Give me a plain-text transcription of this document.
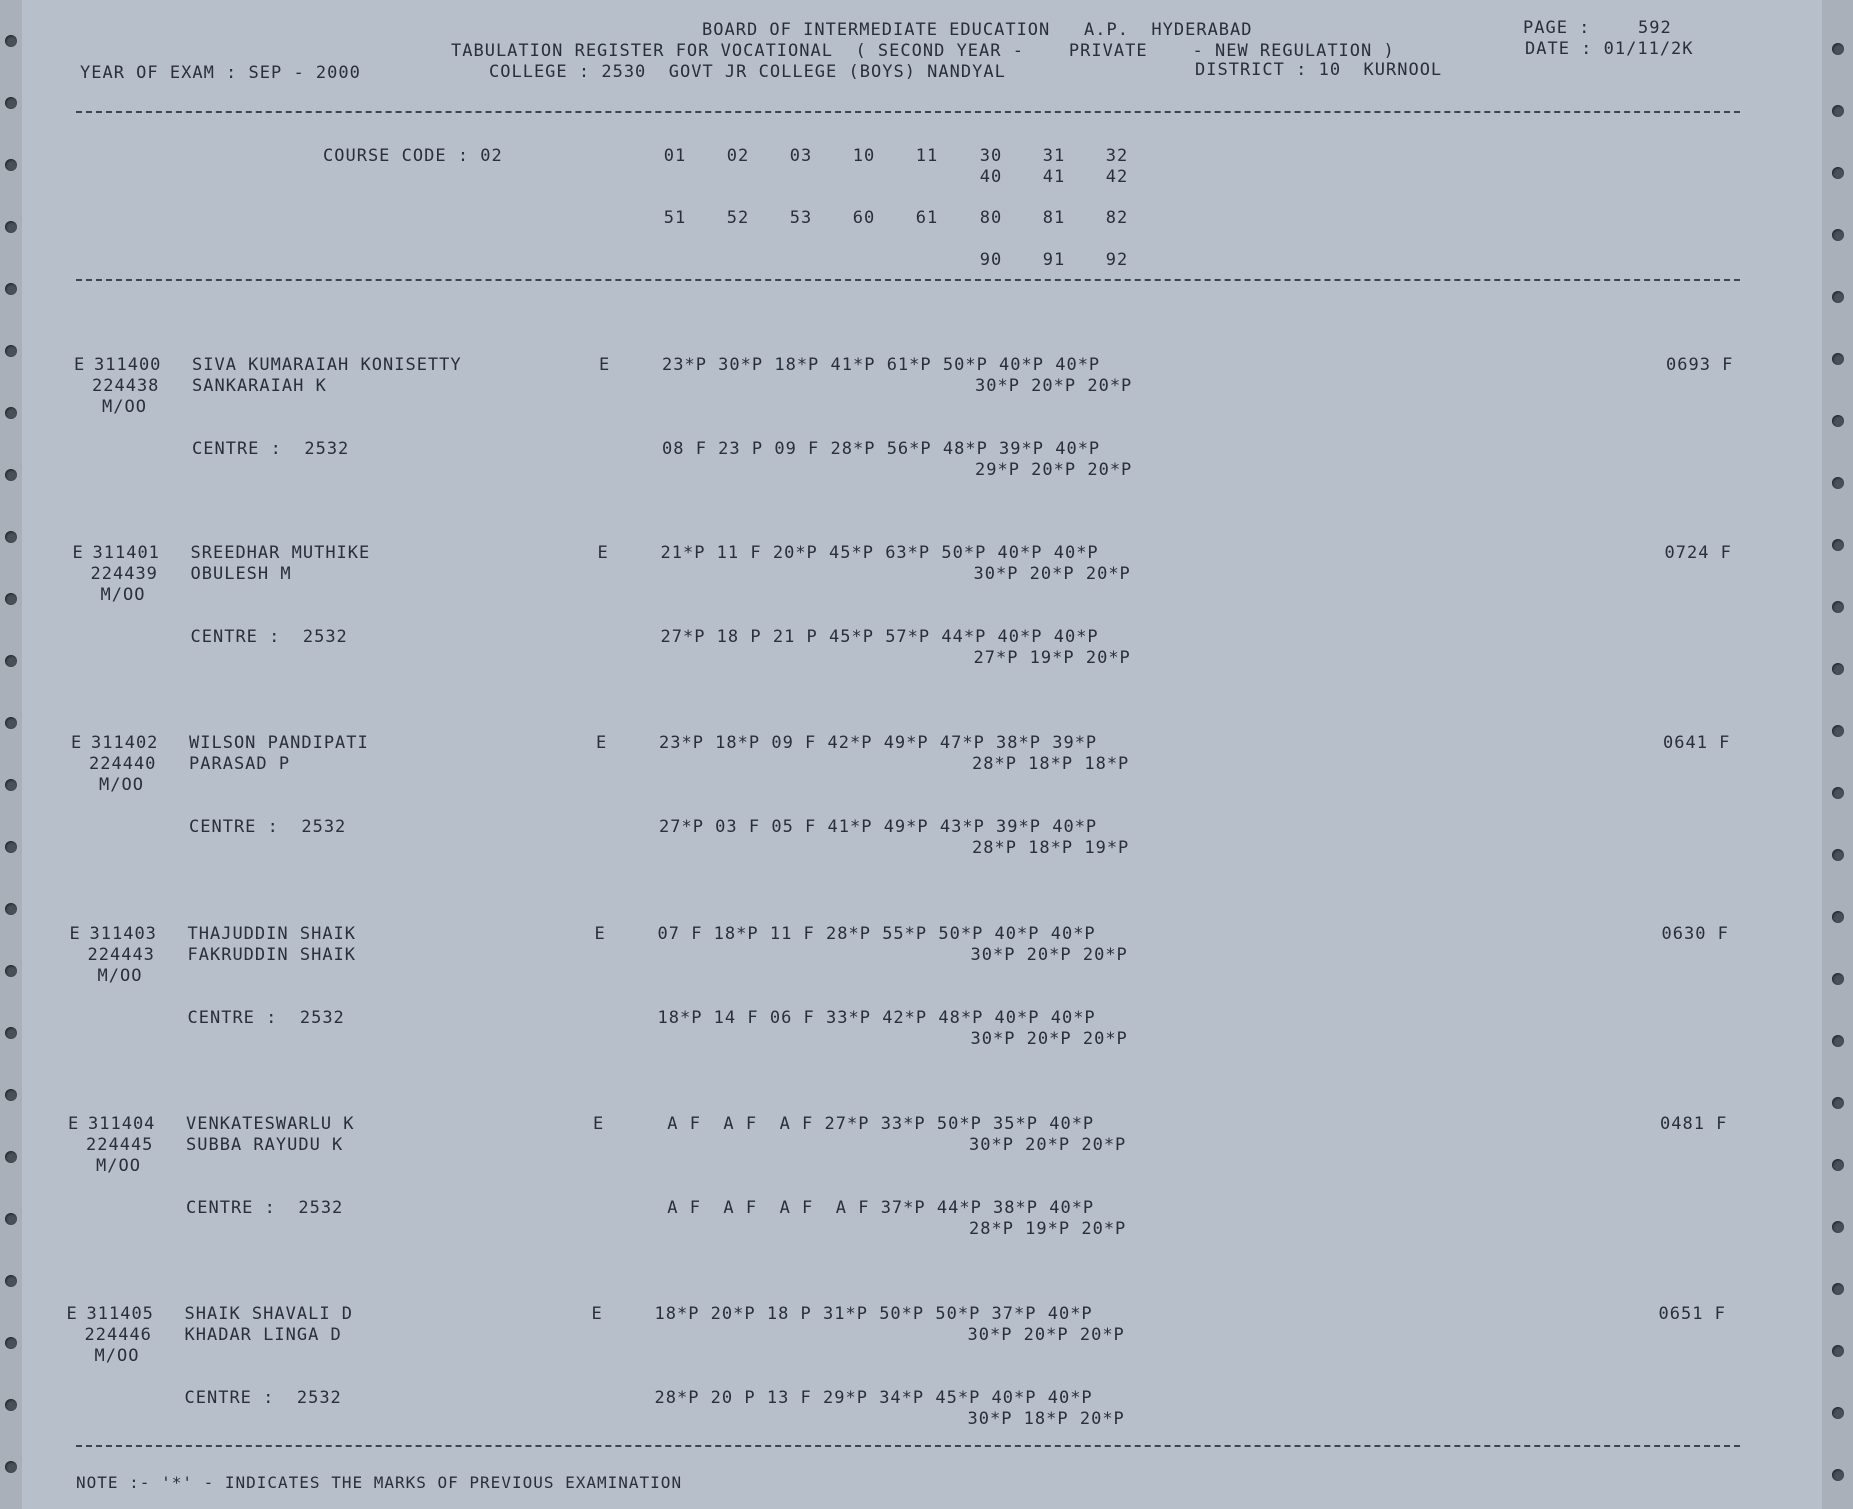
BOARD OF INTERMEDIATE EDUCATION   A.P.  HYDERABAD	PAGE :	592
TABULATION REGISTER FOR VOCATIONAL  ( SECOND YEAR -    PRIVATE    - NEW REGULATION )	DATE : 01/11/2K
YEAR OF EXAM : SEP - 2000	COLLEGE : 2530  GOVT JR COLLEGE (BOYS) NANDYAL	DISTRICT : 10  KURNOOL
COURSE CODE : 02	01	02	03	10	11	30	31	32
40	41	42
51	52	53	60	61	80	81	82
90	91	92
E 311400 SIVA KUMARAIAH KONISETTY	E	23*P 30*P 18*P 41*P 61*P 50*P 40*P 40*P	0693 F
224438 SANKARAIAH K	30*P 20*P 20*P
M/OO
CENTRE :  2532	08 F 23 P 09 F 28*P 56*P 48*P 39*P 40*P
29*P 20*P 20*P
E 311401 SREEDHAR MUTHIKE	E	21*P 11 F 20*P 45*P 63*P 50*P 40*P 40*P	0724 F
224439 OBULESH M	30*P 20*P 20*P
M/OO
CENTRE :  2532	27*P 18 P 21 P 45*P 57*P 44*P 40*P 40*P
27*P 19*P 20*P
E 311402 WILSON PANDIPATI	E	23*P 18*P 09 F 42*P 49*P 47*P 38*P 39*P	0641 F
224440 PARASAD P	28*P 18*P 18*P
M/OO
CENTRE :  2532	27*P 03 F 05 F 41*P 49*P 43*P 39*P 40*P
28*P 18*P 19*P
E 311403 THAJUDDIN SHAIK	E	07 F 18*P 11 F 28*P 55*P 50*P 40*P 40*P	0630 F
224443 FAKRUDDIN SHAIK	30*P 20*P 20*P
M/OO
CENTRE :  2532	18*P 14 F 06 F 33*P 42*P 48*P 40*P 40*P
30*P 20*P 20*P
E 311404 VENKATESWARLU K	E	A F  A F  A F 27*P 33*P 50*P 35*P 40*P	0481 F
224445 SUBBA RAYUDU K	30*P 20*P 20*P
M/OO
CENTRE :  2532	A F  A F  A F  A F 37*P 44*P 38*P 40*P
28*P 19*P 20*P
E 311405 SHAIK SHAVALI D	E	18*P 20*P 18 P 31*P 50*P 50*P 37*P 40*P	0651 F
224446 KHADAR LINGA D	30*P 20*P 20*P
M/OO
CENTRE :  2532	28*P 20 P 13 F 29*P 34*P 45*P 40*P 40*P
30*P 18*P 20*P
NOTE :- '*' - INDICATES THE MARKS OF PREVIOUS EXAMINATION
